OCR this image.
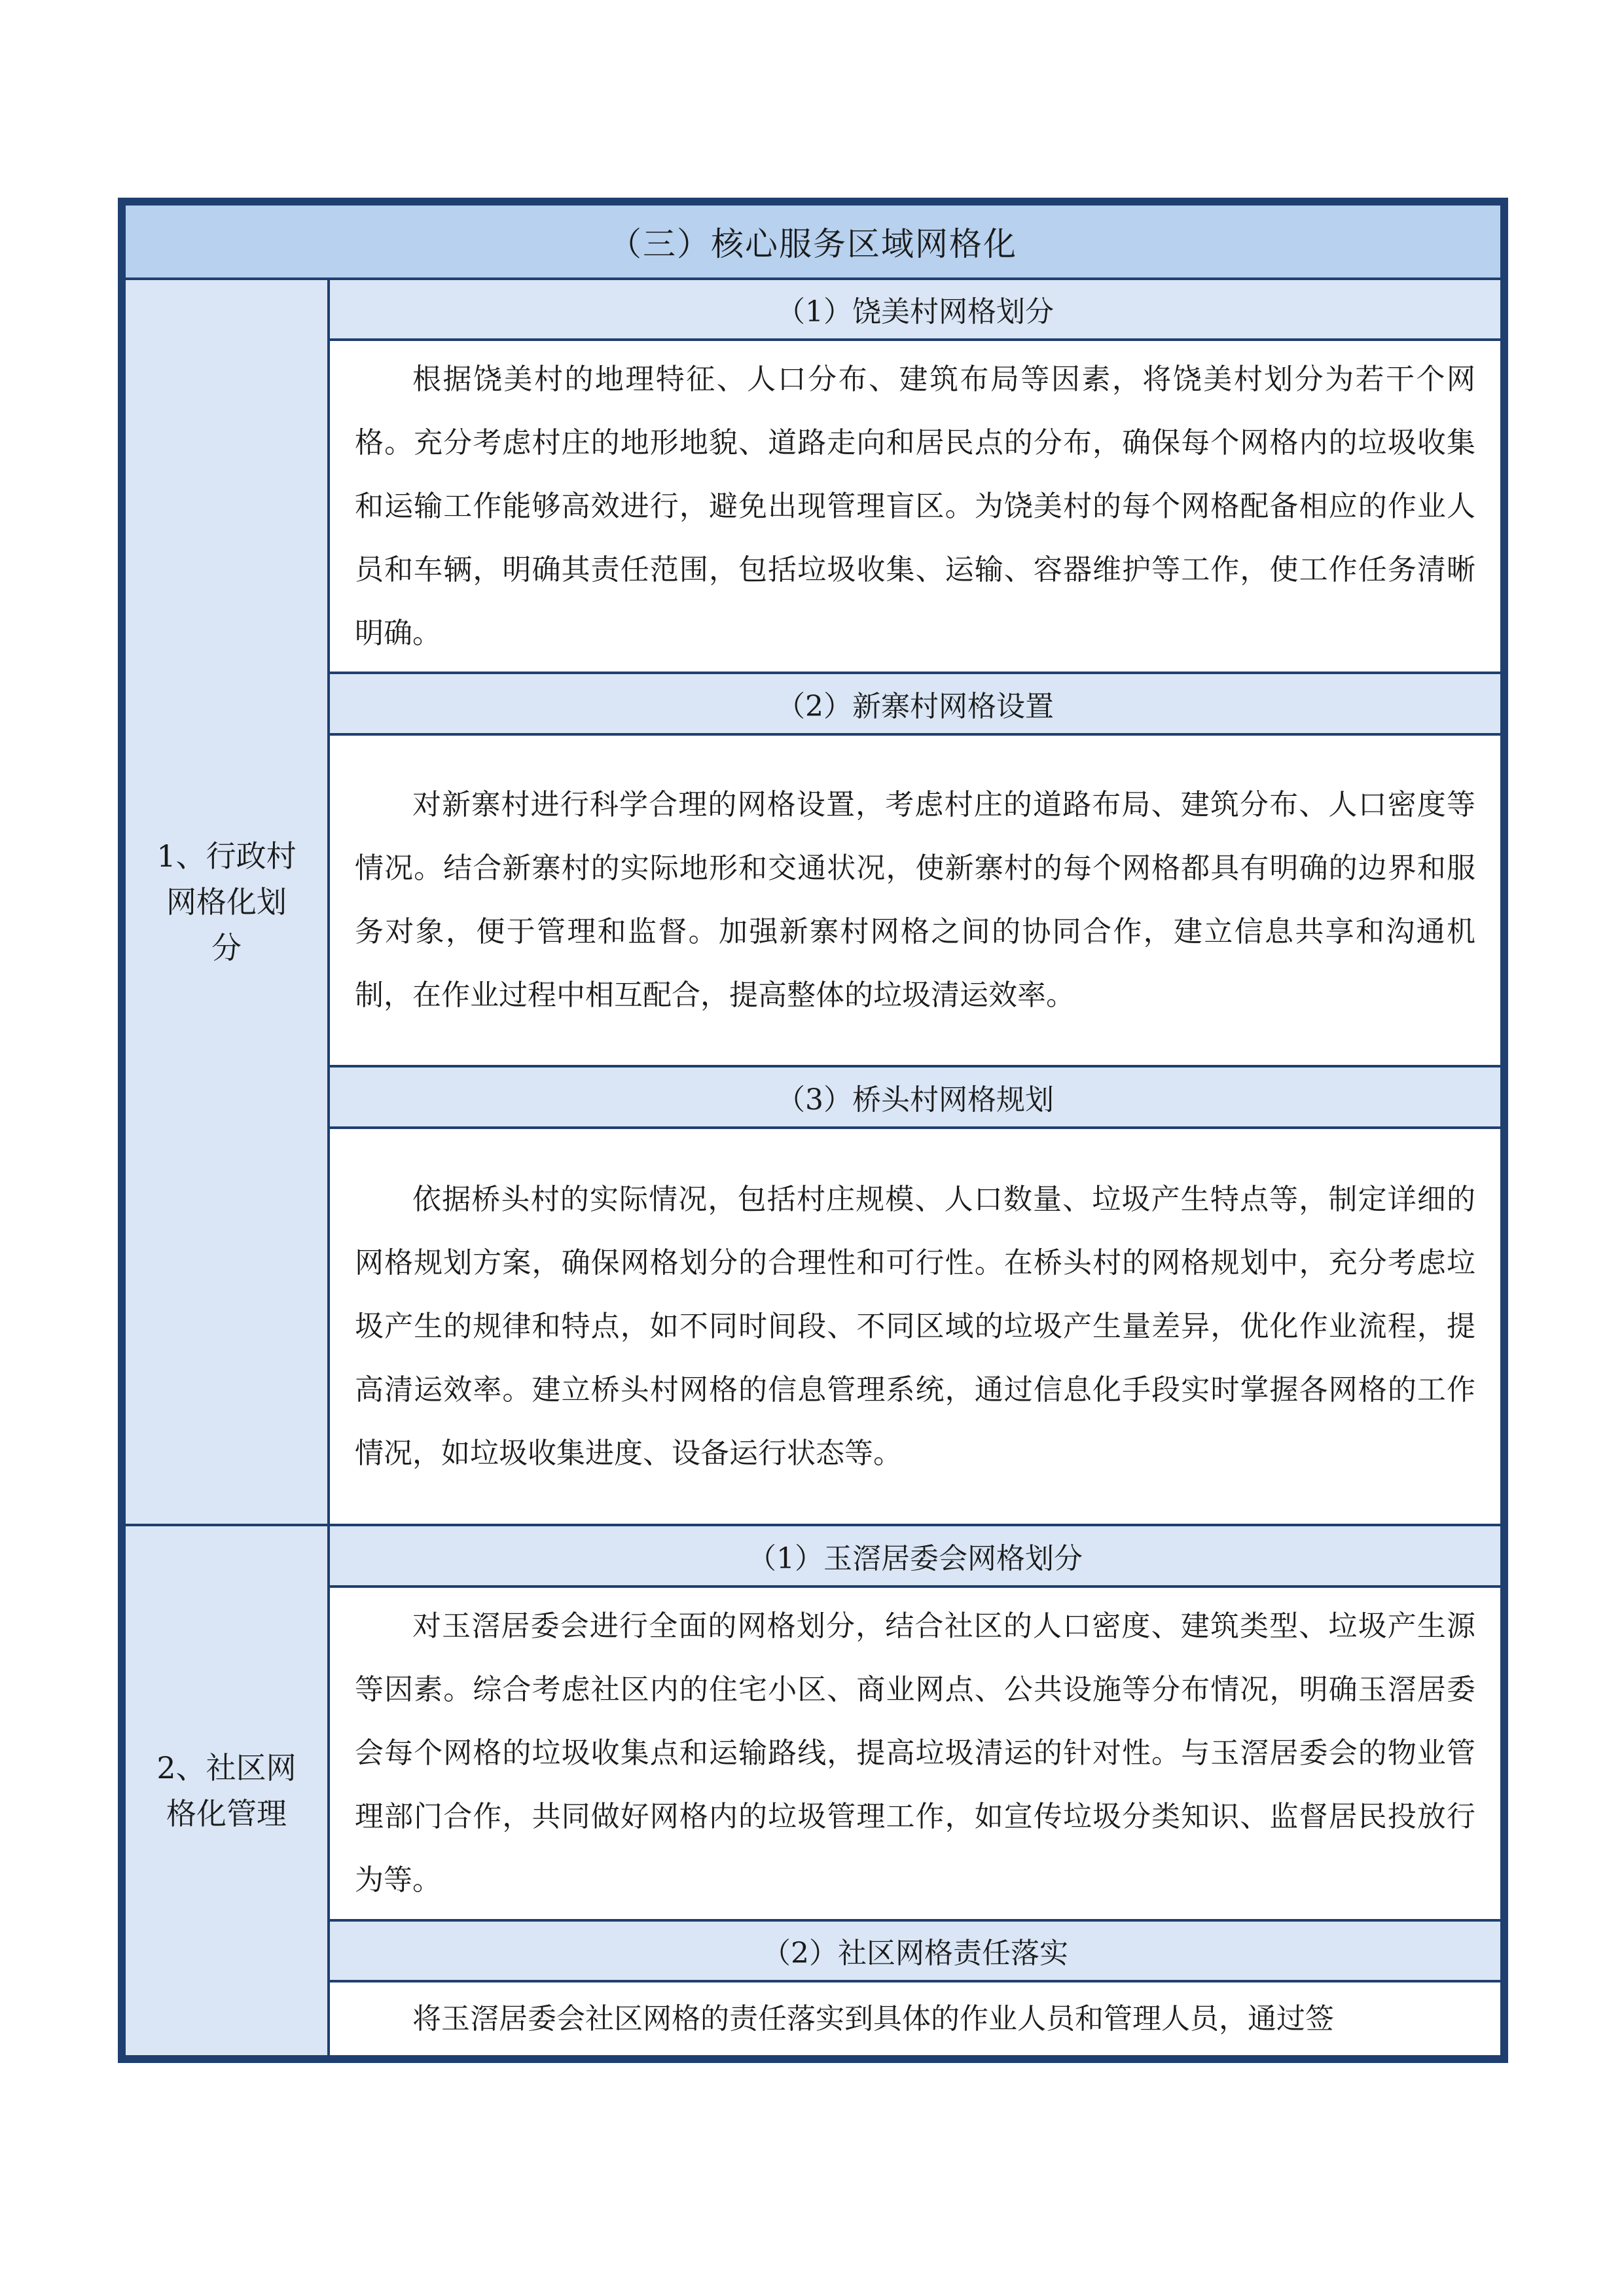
（三）核心服务区域网格化	

1、行政村
网格化划
分	（1）饶美村网格划分
	根据饶美村的地理特征、人口分布、建筑布局等因素，将饶美村划分为若干个网格。充分考虑村庄的地形地貌、道路走向和居民点的分布，确保每个网格内的垃圾收集和运输工作能够高效进行，避免出现管理盲区。为饶美村的每个网格配备相应的作业人员和车辆，明确其责任范围，包括垃圾收集、运输、容器维护等工作，使工作任务清晰明确。
	（2）新寨村网格设置
	对新寨村进行科学合理的网格设置，考虑村庄的道路布局、建筑分布、人口密度等情况。结合新寨村的实际地形和交通状况，使新寨村的每个网格都具有明确的边界和服务对象，便于管理和监督。加强新寨村网格之间的协同合作，建立信息共享和沟通机制，在作业过程中相互配合，提高整体的垃圾清运效率。
	（3）桥头村网格规划
	依据桥头村的实际情况，包括村庄规模、人口数量、垃圾产生特点等，制定详细的网格规划方案，确保网格划分的合理性和可行性。在桥头村的网格规划中，充分考虑垃圾产生的规律和特点，如不同时间段、不同区域的垃圾产生量差异，优化作业流程，提高清运效率。建立桥头村网格的信息管理系统，通过信息化手段实时掌握各网格的工作情况，如垃圾收集进度、设备运行状态等。

2、社区网
格化管理	（1）玉滘居委会网格划分
	对玉滘居委会进行全面的网格划分，结合社区的人口密度、建筑类型、垃圾产生源等因素。综合考虑社区内的住宅小区、商业网点、公共设施等分布情况，明确玉滘居委会每个网格的垃圾收集点和运输路线，提高垃圾清运的针对性。与玉滘居委会的物业管理部门合作，共同做好网格内的垃圾管理工作，如宣传垃圾分类知识、监督居民投放行为等。
	（2）社区网格责任落实
	将玉滘居委会社区网格的责任落实到具体的作业人员和管理人员，通过签
